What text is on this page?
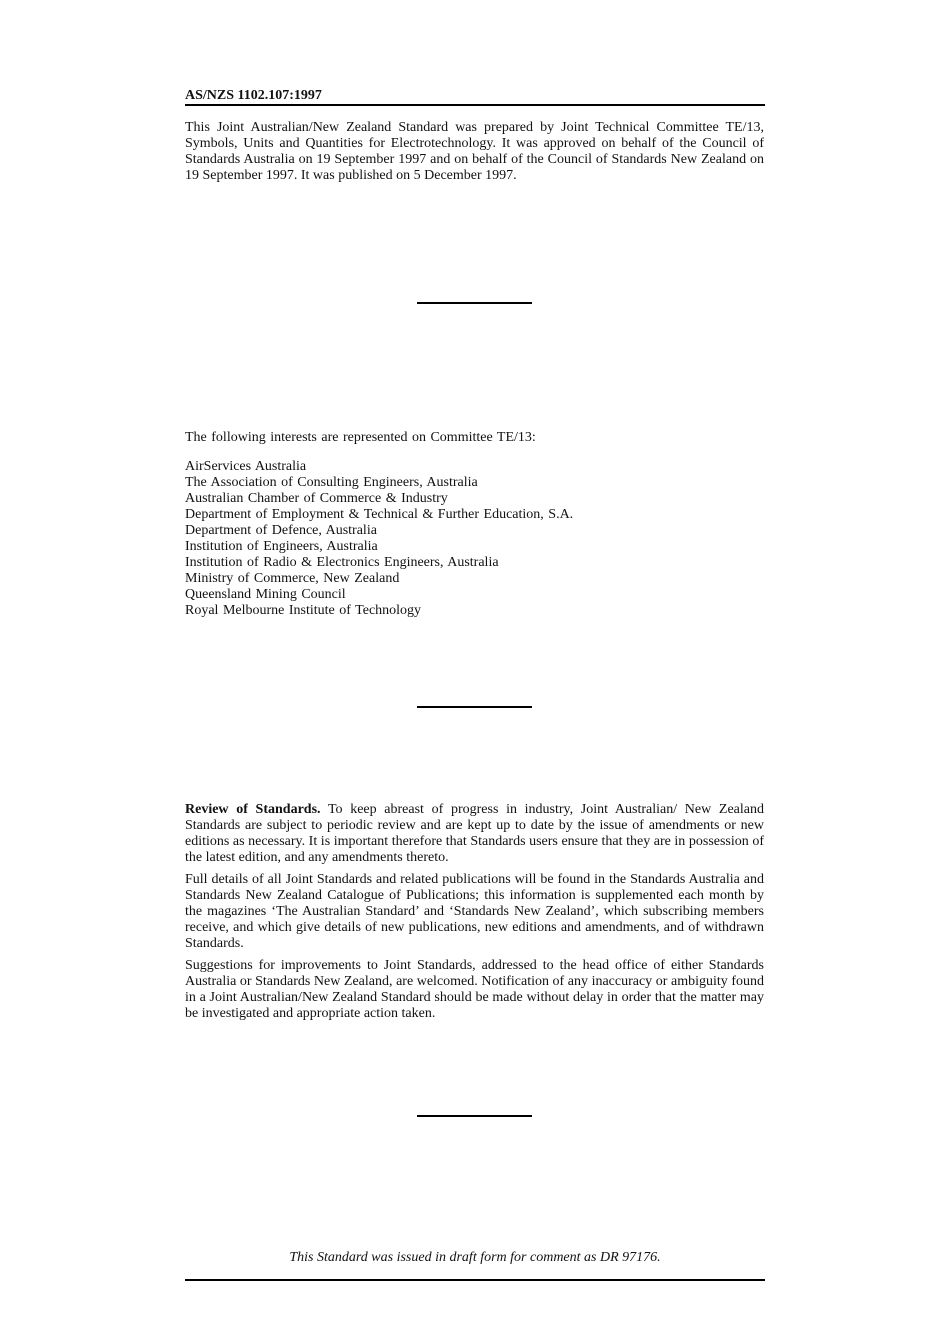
AS/NZS 1102.107:1997

This Joint Australian/New Zealand Standard was prepared by Joint Technical Committee TE/13, Symbols, Units and Quantities for Electrotechnology. It was approved on behalf of the Council of Standards Australia on 19 September 1997 and on behalf of the Council of Standards New Zealand on 19 September 1997. It was published on 5 December 1997.

The following interests are represented on Committee TE/13:
AirServices Australia
The Association of Consulting Engineers, Australia
Australian Chamber of Commerce & Industry
Department of Employment & Technical & Further Education, S.A.
Department of Defence, Australia
Institution of Engineers, Australia
Institution of Radio & Electronics Engineers, Australia
Ministry of Commerce, New Zealand
Queensland Mining Council
Royal Melbourne Institute of Technology

Review of Standards. To keep abreast of progress in industry, Joint Australian/ New Zealand Standards are subject to periodic review and are kept up to date by the issue of amendments or new editions as necessary. It is important therefore that Standards users ensure that they are in possession of the latest edition, and any amendments thereto.

Full details of all Joint Standards and related publications will be found in the Standards Australia and Standards New Zealand Catalogue of Publications; this information is supplemented each month by the magazines ‘The Australian Standard’ and ‘Standards New Zealand’, which subscribing members receive, and which give details of new publications, new editions and amendments, and of withdrawn Standards.

Suggestions for improvements to Joint Standards, addressed to the head office of either Standards Australia or Standards New Zealand, are welcomed. Notification of any inaccuracy or ambiguity found in a Joint Australian/New Zealand Standard should be made without delay in order that the matter may be investigated and appropriate action taken.

This Standard was issued in draft form for comment as DR 97176.
